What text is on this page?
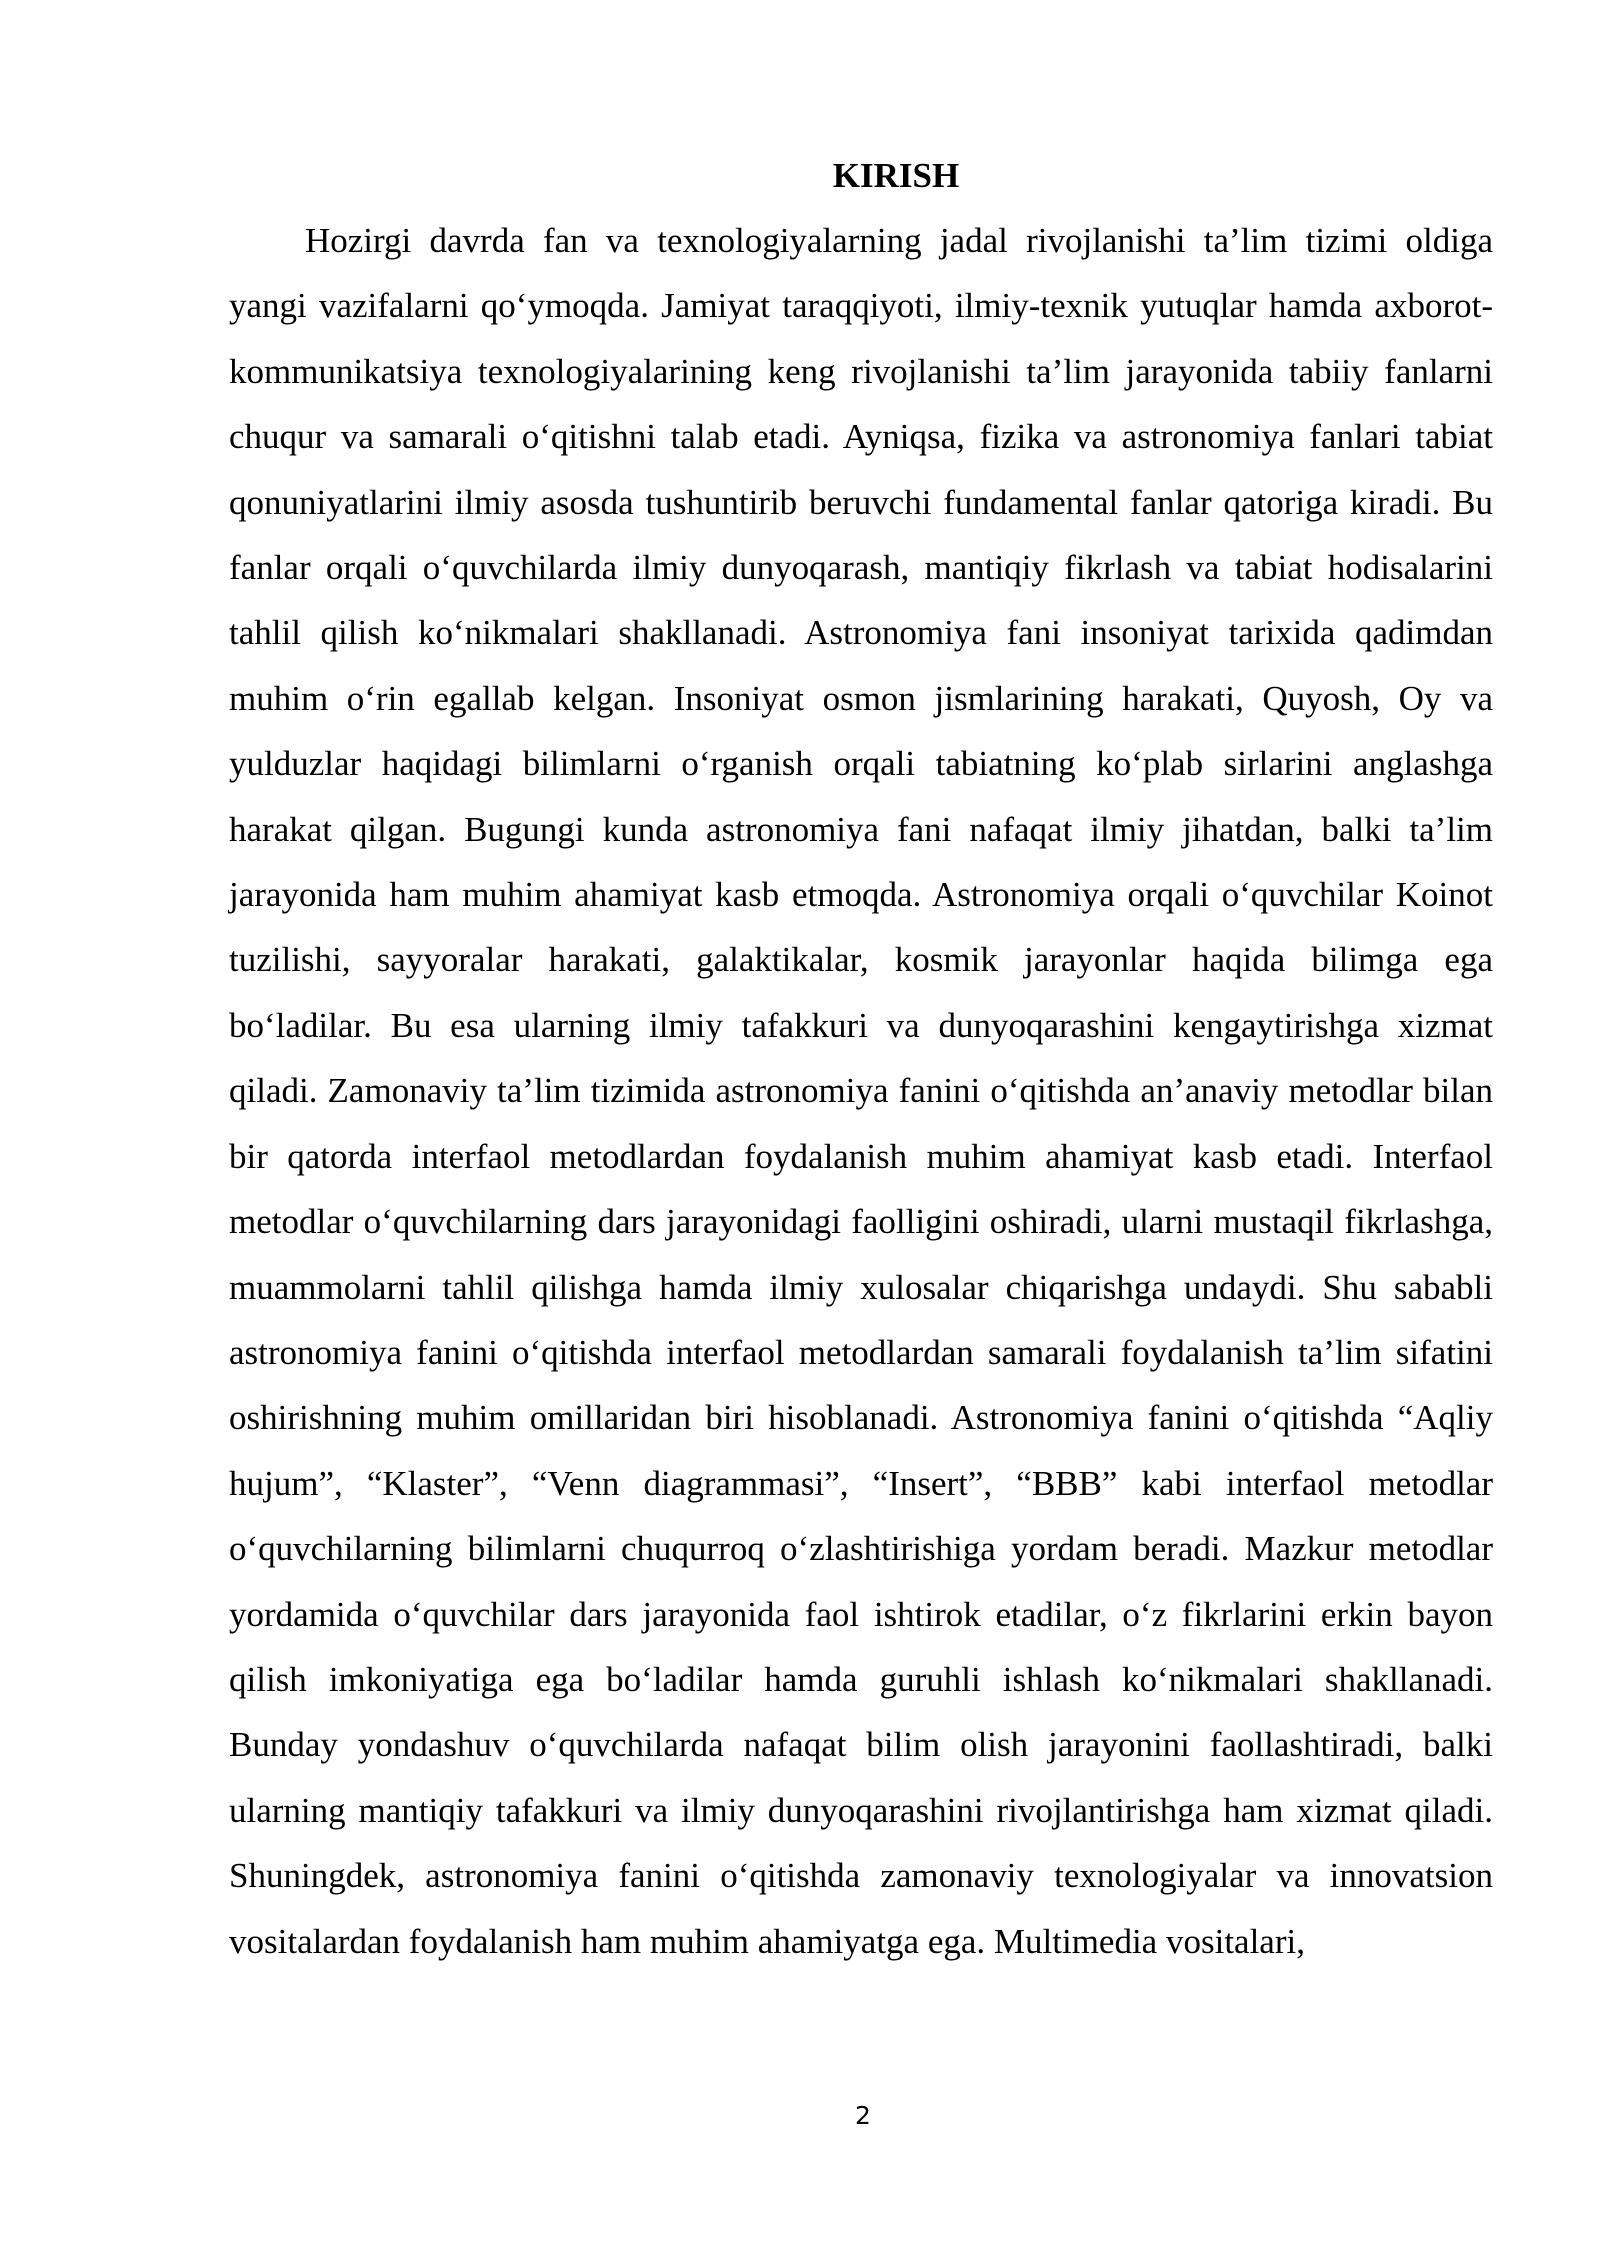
KIRISH

Hozirgi davrda fan va texnologiyalarning jadal rivojlanishi ta’lim tizimi oldiga yangi vazifalarni qo‘ymoqda. Jamiyat taraqqiyoti, ilmiy-texnik yutuqlar hamda axborot-kommunikatsiya texnologiyalarining keng rivojlanishi ta’lim jarayonida tabiiy fanlarni chuqur va samarali o‘qitishni talab etadi. Ayniqsa, fizika va astronomiya fanlari tabiat qonuniyatlarini ilmiy asosda tushuntirib beruvchi fundamental fanlar qatoriga kiradi. Bu fanlar orqali o‘quvchilarda ilmiy dunyoqarash, mantiqiy fikrlash va tabiat hodisalarini tahlil qilish ko‘nikmalari shakllanadi. Astronomiya fani insoniyat tarixida qadimdan muhim o‘rin egallab kelgan. Insoniyat osmon jismlarining harakati, Quyosh, Oy va yulduzlar haqidagi bilimlarni o‘rganish orqali tabiatning ko‘plab sirlarini anglashga harakat qilgan. Bugungi kunda astronomiya fani nafaqat ilmiy jihatdan, balki ta’lim jarayonida ham muhim ahamiyat kasb etmoqda. Astronomiya orqali o‘quvchilar Koinot tuzilishi, sayyoralar harakati, galaktikalar, kosmik jarayonlar haqida bilimga ega bo‘ladilar. Bu esa ularning ilmiy tafakkuri va dunyoqarashini kengaytirishga xizmat qiladi. Zamonaviy ta’lim tizimida astronomiya fanini o‘qitishda an’anaviy metodlar bilan bir qatorda interfaol metodlardan foydalanish muhim ahamiyat kasb etadi. Interfaol metodlar o‘quvchilarning dars jarayonidagi faolligini oshiradi, ularni mustaqil fikrlashga, muammolarni tahlil qilishga hamda ilmiy xulosalar chiqarishga undaydi. Shu sababli astronomiya fanini o‘qitishda interfaol metodlardan samarali foydalanish ta’lim sifatini oshirishning muhim omillaridan biri hisoblanadi. Astronomiya fanini o‘qitishda “Aqliy hujum”, “Klaster”, “Venn diagrammasi”, “Insert”, “BBB” kabi interfaol metodlar o‘quvchilarning bilimlarni chuqurroq o‘zlashtirishiga yordam beradi. Mazkur metodlar yordamida o‘quvchilar dars jarayonida faol ishtirok etadilar, o‘z fikrlarini erkin bayon qilish imkoniyatiga ega bo‘ladilar hamda guruhli ishlash ko‘nikmalari shakllanadi. Bunday yondashuv o‘quvchilarda nafaqat bilim olish jarayonini faollashtiradi, balki ularning mantiqiy tafakkuri va ilmiy dunyoqarashini rivojlantirishga ham xizmat qiladi. Shuningdek, astronomiya fanini o‘qitishda zamonaviy texnologiyalar va innovatsion vositalardan foydalanish ham muhim ahamiyatga ega. Multimedia vositalari,

2
